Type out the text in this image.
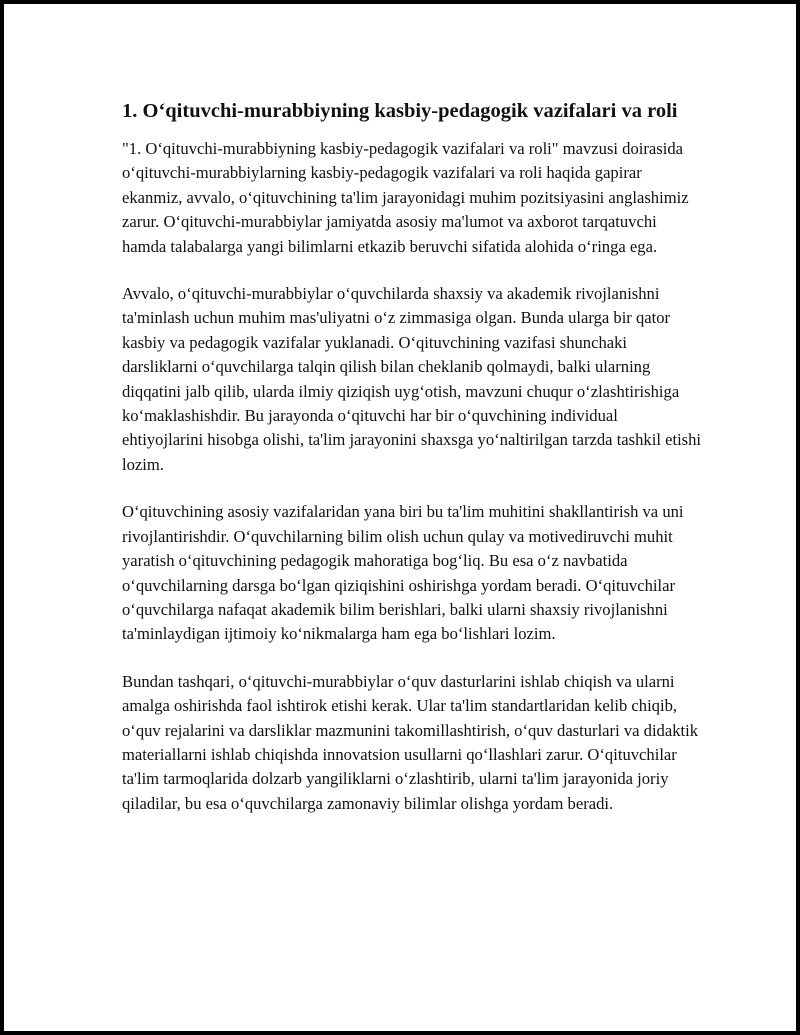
1. O‘qituvchi-murabbiyning kasbiy-pedagogik vazifalari va roli

"1. O‘qituvchi-murabbiyning kasbiy-pedagogik vazifalari va roli" mavzusi doirasida o‘qituvchi-murabbiylarning kasbiy-pedagogik vazifalari va roli haqida gapirar ekanmiz, avvalo, o‘qituvchining ta'lim jarayonidagi muhim pozitsiyasini anglashimiz zarur. O‘qituvchi-murabbiylar jamiyatda asosiy ma'lumot va axborot tarqatuvchi hamda talabalarga yangi bilimlarni etkazib beruvchi sifatida alohida o‘ringa ega.

Avvalo, o‘qituvchi-murabbiylar o‘quvchilarda shaxsiy va akademik rivojlanishni ta'minlash uchun muhim mas'uliyatni o‘z zimmasiga olgan. Bunda ularga bir qator kasbiy va pedagogik vazifalar yuklanadi. O‘qituvchining vazifasi shunchaki darsliklarni o‘quvchilarga talqin qilish bilan cheklanib qolmaydi, balki ularning diqqatini jalb qilib, ularda ilmiy qiziqish uyg‘otish, mavzuni chuqur o‘zlashtirishiga ko‘maklashishdir. Bu jarayonda o‘qituvchi har bir o‘quvchining individual ehtiyojlarini hisobga olishi, ta'lim jarayonini shaxsga yo‘naltirilgan tarzda tashkil etishi lozim.

O‘qituvchining asosiy vazifalaridan yana biri bu ta'lim muhitini shakllantirish va uni rivojlantirishdir. O‘quvchilarning bilim olish uchun qulay va motivediruvchi muhit yaratish o‘qituvchining pedagogik mahoratiga bog‘liq. Bu esa o‘z navbatida o‘quvchilarning darsga bo‘lgan qiziqishini oshirishga yordam beradi. O‘qituvchilar o‘quvchilarga nafaqat akademik bilim berishlari, balki ularni shaxsiy rivojlanishni ta'minlaydigan ijtimoiy ko‘nikmalarga ham ega bo‘lishlari lozim.

Bundan tashqari, o‘qituvchi-murabbiylar o‘quv dasturlarini ishlab chiqish va ularni amalga oshirishda faol ishtirok etishi kerak. Ular ta'lim standartlaridan kelib chiqib, o‘quv rejalarini va darsliklar mazmunini takomillashtirish, o‘quv dasturlari va didaktik materiallarni ishlab chiqishda innovatsion usullarni qo‘llashlari zarur. O‘qituvchilar ta'lim tarmoqlarida dolzarb yangiliklarni o‘zlashtirib, ularni ta'lim jarayonida joriy qiladilar, bu esa o‘quvchilarga zamonaviy bilimlar olishga yordam beradi.
